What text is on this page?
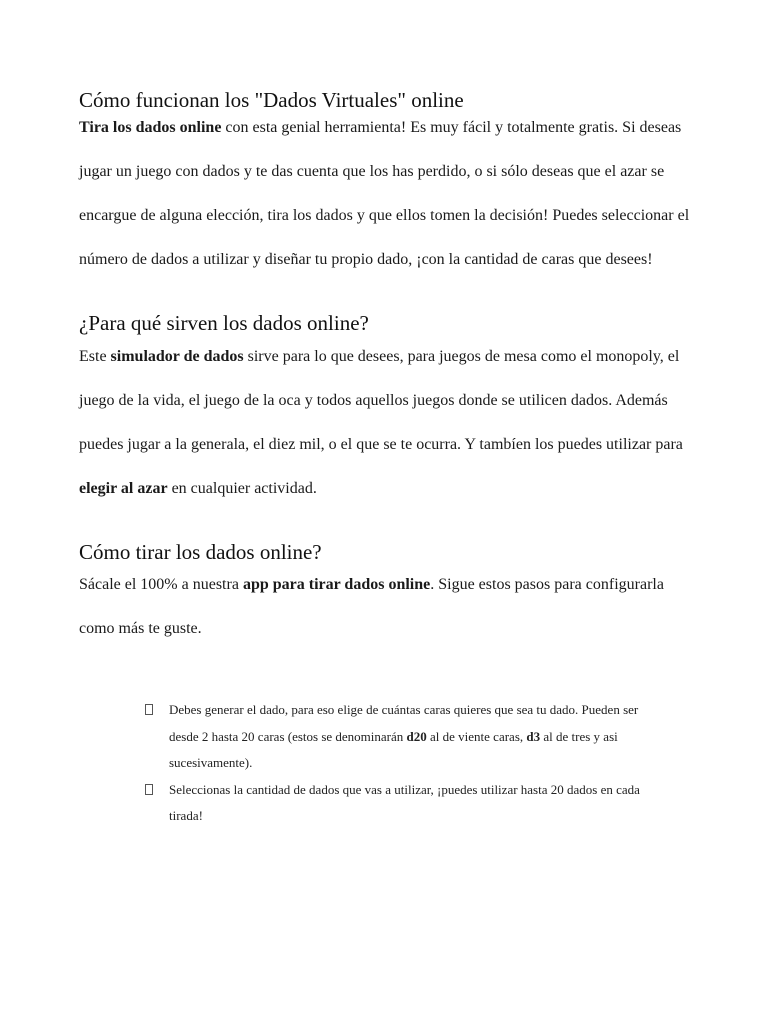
Cómo funcionan los "Dados Virtuales" online

Tira los dados online con esta genial herramienta! Es muy fácil y totalmente gratis. Si deseas jugar un juego con dados y te das cuenta que los has perdido, o si sólo deseas que el azar se encargue de alguna elección, tira los dados y que ellos tomen la decisión! Puedes seleccionar el número de dados a utilizar y diseñar tu propio dado, ¡con la cantidad de caras que desees!

¿Para qué sirven los dados online?

Este simulador de dados sirve para lo que desees, para juegos de mesa como el monopoly, el juego de la vida, el juego de la oca y todos aquellos juegos donde se utilicen dados. Además puedes jugar a la generala, el diez mil, o el que se te ocurra. Y tambíen los puedes utilizar para elegir al azar en cualquier actividad.

Cómo tirar los dados online?

Sácale el 100% a nuestra app para tirar dados online. Sigue estos pasos para configurarla como más te guste.

Debes generar el dado, para eso elige de cuántas caras quieres que sea tu dado. Pueden ser desde 2 hasta 20 caras (estos se denominarán d20 al de viente caras, d3 al de tres y asi sucesivamente).
Seleccionas la cantidad de dados que vas a utilizar, ¡puedes utilizar hasta 20 dados en cada tirada!
